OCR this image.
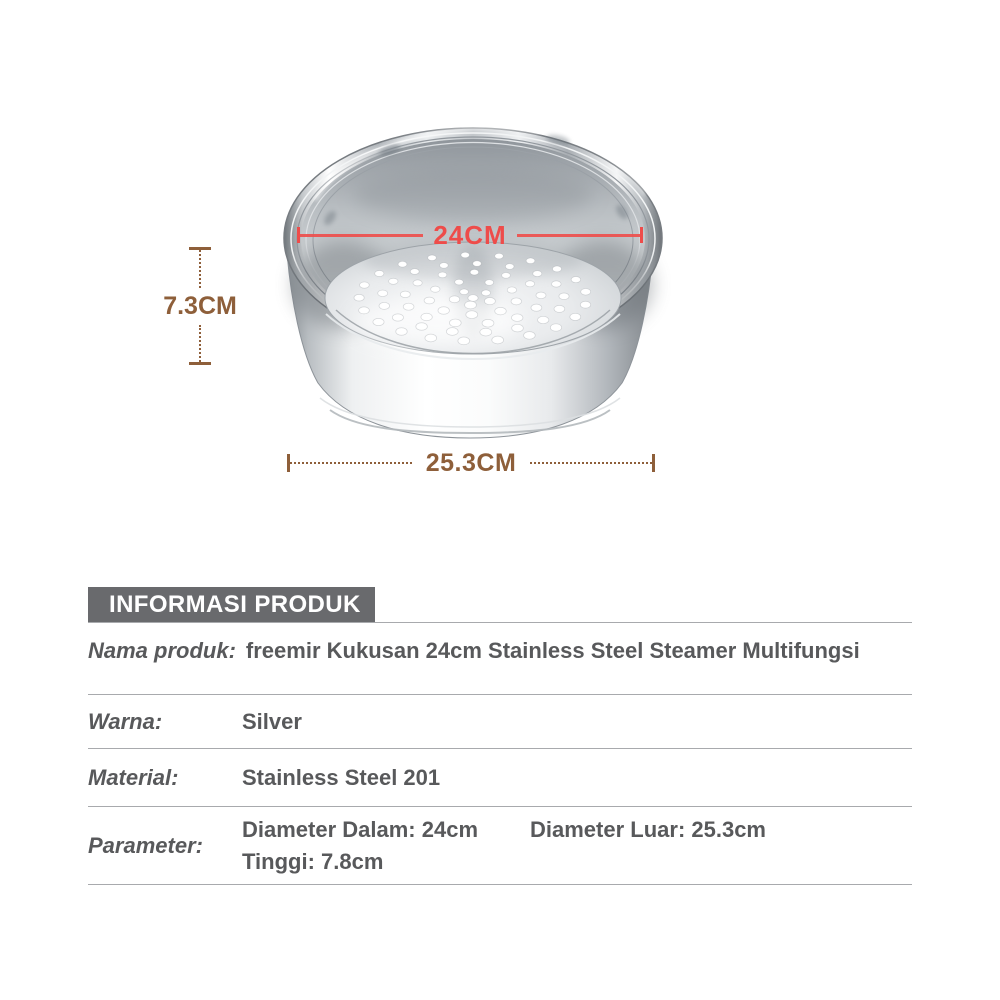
24CM
7.3CM
25.3CM
INFORMASI PRODUK
Nama produk: freemir Kukusan 24cm Stainless Steel Steamer Multifungsi
Warna:	Silver
Material:	Stainless Steel 201
Parameter:
Diameter Dalam: 24cm	Diameter Luar: 25.3cm
Tinggi: 7.8cm
